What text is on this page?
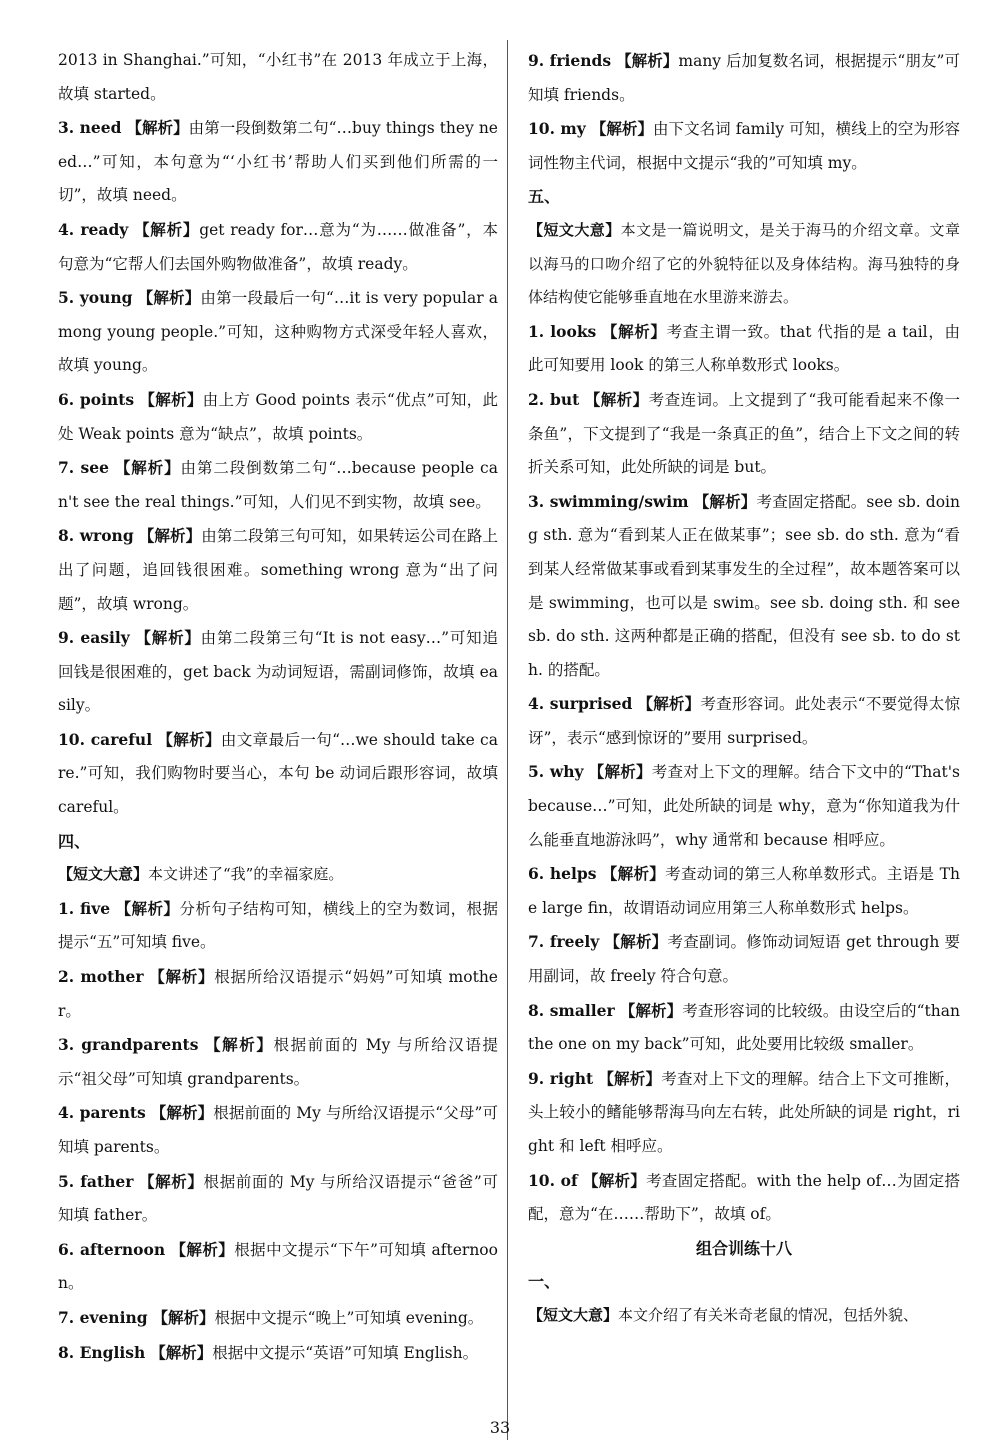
2013 in Shanghai.”可知，“小红书”在 2013 年成立于上海，故填 started。

3. need 【解析】由第一段倒数第二句“…buy things they need…”可知，本句意为“‘小红书’帮助人们买到他们所需的一切”，故填 need。

4. ready 【解析】get ready for…意为“为……做准备”，本句意为“它帮人们去国外购物做准备”，故填 ready。

5. young 【解析】由第一段最后一句“…it is very popular among young people.”可知，这种购物方式深受年轻人喜欢，故填 young。

6. points 【解析】由上方 Good points 表示“优点”可知，此处 Weak points 意为“缺点”，故填 points。

7. see 【解析】由第二段倒数第二句“…because people can't see the real things.”可知，人们见不到实物，故填 see。

8. wrong 【解析】由第二段第三句可知，如果转运公司在路上出了问题，追回钱很困难。something wrong 意为“出了问题”，故填 wrong。

9. easily 【解析】由第二段第三句“It is not easy…”可知追回钱是很困难的，get back 为动词短语，需副词修饰，故填 easily。

10. careful 【解析】由文章最后一句“…we should take care.”可知，我们购物时要当心，本句 be 动词后跟形容词，故填 careful。

四、

【短文大意】本文讲述了“我”的幸福家庭。

1. five 【解析】分析句子结构可知，横线上的空为数词，根据提示“五”可知填 five。

2. mother 【解析】根据所给汉语提示“妈妈”可知填 mother。

3. grandparents 【解析】根据前面的 My 与所给汉语提示“祖父母”可知填 grandparents。

4. parents 【解析】根据前面的 My 与所给汉语提示“父母”可知填 parents。

5. father 【解析】根据前面的 My 与所给汉语提示“爸爸”可知填 father。

6. afternoon 【解析】根据中文提示“下午”可知填 afternoon。

7. evening 【解析】根据中文提示“晚上”可知填 evening。

8. English 【解析】根据中文提示“英语”可知填 English。

9. friends 【解析】many 后加复数名词，根据提示“朋友”可知填 friends。

10. my 【解析】由下文名词 family 可知，横线上的空为形容词性物主代词，根据中文提示“我的”可知填 my。

五、

【短文大意】本文是一篇说明文，是关于海马的介绍文章。文章以海马的口吻介绍了它的外貌特征以及身体结构。海马独特的身体结构使它能够垂直地在水里游来游去。

1. looks 【解析】考查主谓一致。that 代指的是 a tail，由此可知要用 look 的第三人称单数形式 looks。

2. but 【解析】考查连词。上文提到了“我可能看起来不像一条鱼”，下文提到了“我是一条真正的鱼”，结合上下文之间的转折关系可知，此处所缺的词是 but。

3. swimming/swim 【解析】考查固定搭配。see sb. doing sth. 意为“看到某人正在做某事”；see sb. do sth. 意为“看到某人经常做某事或看到某事发生的全过程”，故本题答案可以是 swimming，也可以是 swim。see sb. doing sth. 和 see sb. do sth. 这两种都是正确的搭配，但没有 see sb. to do sth. 的搭配。

4. surprised 【解析】考查形容词。此处表示“不要觉得太惊讶”，表示“感到惊讶的”要用 surprised。

5. why 【解析】考查对上下文的理解。结合下文中的“That's because…”可知，此处所缺的词是 why，意为“你知道我为什么能垂直地游泳吗”，why 通常和 because 相呼应。

6. helps 【解析】考查动词的第三人称单数形式。主语是 The large fin，故谓语动词应用第三人称单数形式 helps。

7. freely 【解析】考查副词。修饰动词短语 get through 要用副词，故 freely 符合句意。

8. smaller 【解析】考查形容词的比较级。由设空后的“than the one on my back”可知，此处要用比较级 smaller。

9. right 【解析】考查对上下文的理解。结合上下文可推断，头上较小的鳍能够帮海马向左右转，此处所缺的词是 right，right 和 left 相呼应。

10. of 【解析】考查固定搭配。with the help of…为固定搭配，意为“在……帮助下”，故填 of。

组合训练十八

一、

【短文大意】本文介绍了有关米奇老鼠的情况，包括外貌、

33
